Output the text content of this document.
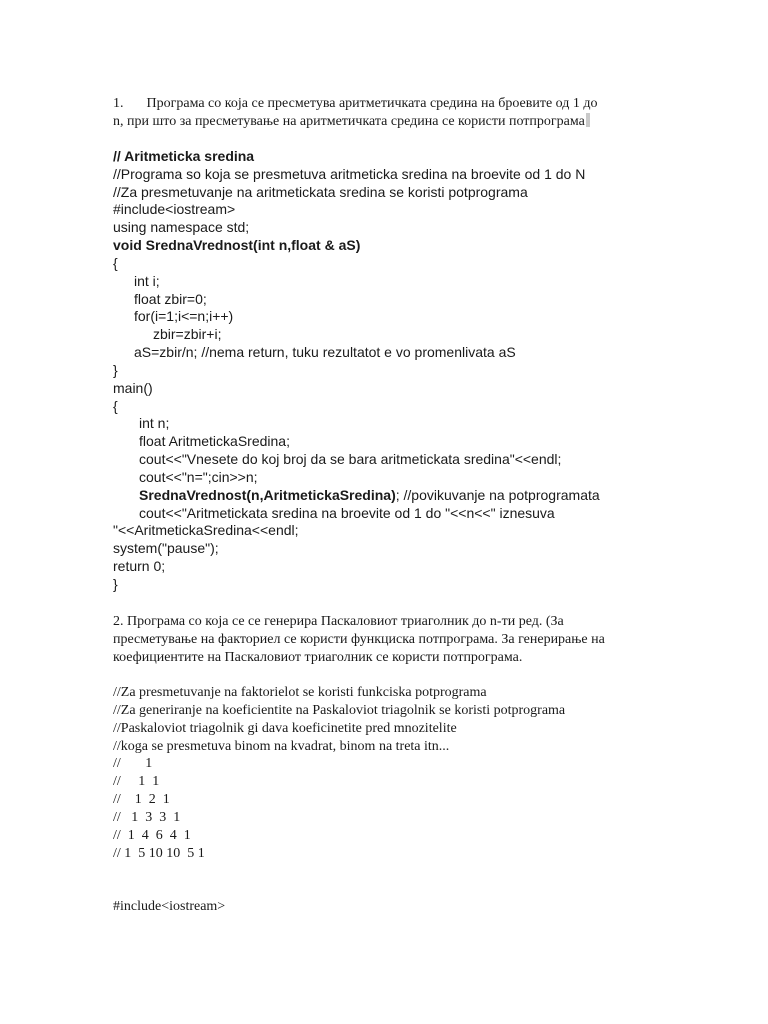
1. Програма со која се пресметува аритметичката средина на броевите од 1 до
n, при што за пресметување на аритметичката средина се користи потпрограма
// Aritmeticka sredina
//Programa so koja se presmetuva aritmeticka sredina na broevite od 1 do N
//Za presmetuvanje na aritmetickata sredina se koristi potprograma
#include<iostream>
using namespace std;
void SrednaVrednost(int n,float & aS)
{
int i;
float zbir=0;
for(i=1;i<=n;i++)
zbir=zbir+i;
aS=zbir/n; //nema return, tuku rezultatot e vo promenlivata aS
}
main()
{
int n;
float AritmetickaSredina;
cout<<"Vnesete do koj broj da se bara aritmetickata sredina"<<endl;
cout<<"n=";cin>>n;
SrednaVrednost(n,AritmetickaSredina); //povikuvanje na potprogramata
cout<<"Aritmetickata sredina na broevite od 1 do "<<n<<" iznesuva
"<<AritmetickaSredina<<endl;
system("pause");
return 0;
}
2. Програма со која се се генерира Паскаловиот триаголник до n-ти ред. (За
пресметување на факториел се користи функциска потпрограма. За генерирање на
коефициентите на Паскаловиот триаголник се користи потпрограма.
//Za presmetuvanje na faktorielot se koristi funkciska potprograma
//Za generiranje na koeficientite na Paskaloviot triagolnik se koristi potprograma
//Paskaloviot triagolnik gi dava koeficinetite pred mnozitelite
//koga se presmetuva binom na kvadrat, binom na treta itn...
//       1
//     1  1
//    1  2  1
//   1  3  3  1
//  1  4  6  4  1
// 1  5 10 10  5 1
#include<iostream>
